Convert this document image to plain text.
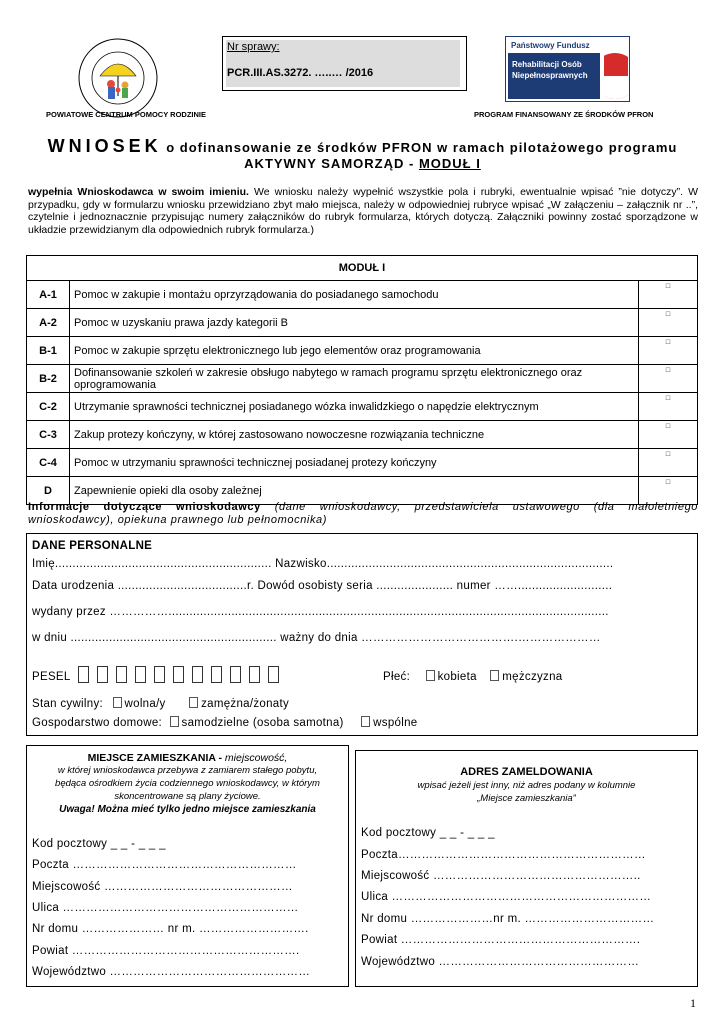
Nr sprawy:
PCR.III.AS.3272. …..… /2016
Państwowy Fundusz
Rehabilitacji Osób
Niepełnosprawnych
POWIATOWE CENTRUM POMOCY RODZINIE	PROGRAM FINANSOWANY ZE ŚRODKÓW PFRON
WNIOSEK o dofinansowanie ze środków PFRON w ramach pilotażowego programu
AKTYWNY SAMORZĄD - MODUŁ I
wypełnia Wnioskodawca w swoim imieniu. We wniosku należy wypełnić wszystkie pola i rubryki, ewentualnie wpisać ”nie dotyczy”. W przypadku, gdy w formularzu wniosku przewidziano zbyt mało miejsca, należy w odpowiedniej rubryce wpisać „W załączeniu – załącznik nr ..”, czytelnie i jednoznacznie przypisując numery załączników do rubryk formularza, których dotyczą. Załączniki powinny zostać sporządzone w układzie przewidzianym dla odpowiednich rubryk formularza.)
MODUŁ I		
A-1	Pomoc w zakupie i montażu oprzyrządowania do posiadanego samochodu	□
A-2	Pomoc w uzyskaniu prawa jazdy kategorii B	□
B-1	Pomoc w zakupie sprzętu elektronicznego lub jego elementów oraz programowania	□
B-2	Dofinansowanie szkoleń w zakresie obsługo nabytego w ramach programu sprzętu elektronicznego oraz oprogramowania	□
C-2	Utrzymanie sprawności technicznej posiadanego wózka inwalidzkiego o napędzie elektrycznym	□
C-3	Zakup protezy kończyny, w której zastosowano nowoczesne rozwiązania techniczne	□
C-4	Pomoc w utrzymaniu sprawności technicznej posiadanej protezy kończyny	□
D	Zapewnienie opieki dla osoby zależnej	□
Informacje dotyczące wnioskodawcy (dane wnioskodawcy, przedstawiciela ustawowego (dla małoletniego wnioskodawcy), opiekuna prawnego lub pełnomocnika)
DANE PERSONALNE
Imię.............................................................. Nazwisko..................................................................................
Data urodzenia .....................................r. Dowód osobisty seria ...................... numer ……...........................
wydany przez ……………..............................................................................................................................
w dniu ........................................................... ważny do dnia ………………………………….…………………
PESEL	Płeć: kobieta mężczyzna
Stan cywilny: wolna/y	zamężna/żonaty
Gospodarstwo domowe: samodzielne (osoba samotna)	wspólne
MIEJSCE ZAMIESZKANIA - miejscowość,
w której wnioskodawca przebywa z zamiarem stałego pobytu,
będąca ośrodkiem życia codziennego wnioskodawcy, w którym
skoncentrowane są plany życiowe.
Uwaga! Można mieć tylko jedno miejsce zamieszkania
Kod pocztowy _ _ - _ _ _
Poczta …………………………………………………
Miejscowość …………………………………………
Ulica ……………………………………………………
Nr domu ………………… nr m. ……………………….
Powiat ………………………………………………….
Województwo ……………………………………………
ADRES ZAMELDOWANIA
wpisać jeżeli jest inny, niż adres podany w kolumnie
„Miejsce zamieszkania”
Kod pocztowy _ _ - _ _ _
Poczta………………………………………………………
Miejscowość ……………………………………………..
Ulica …………………………………………………………
Nr domu …………………nr m. ……………………………
Powiat …………………………………………………….
Województwo ……………………………………………
1
